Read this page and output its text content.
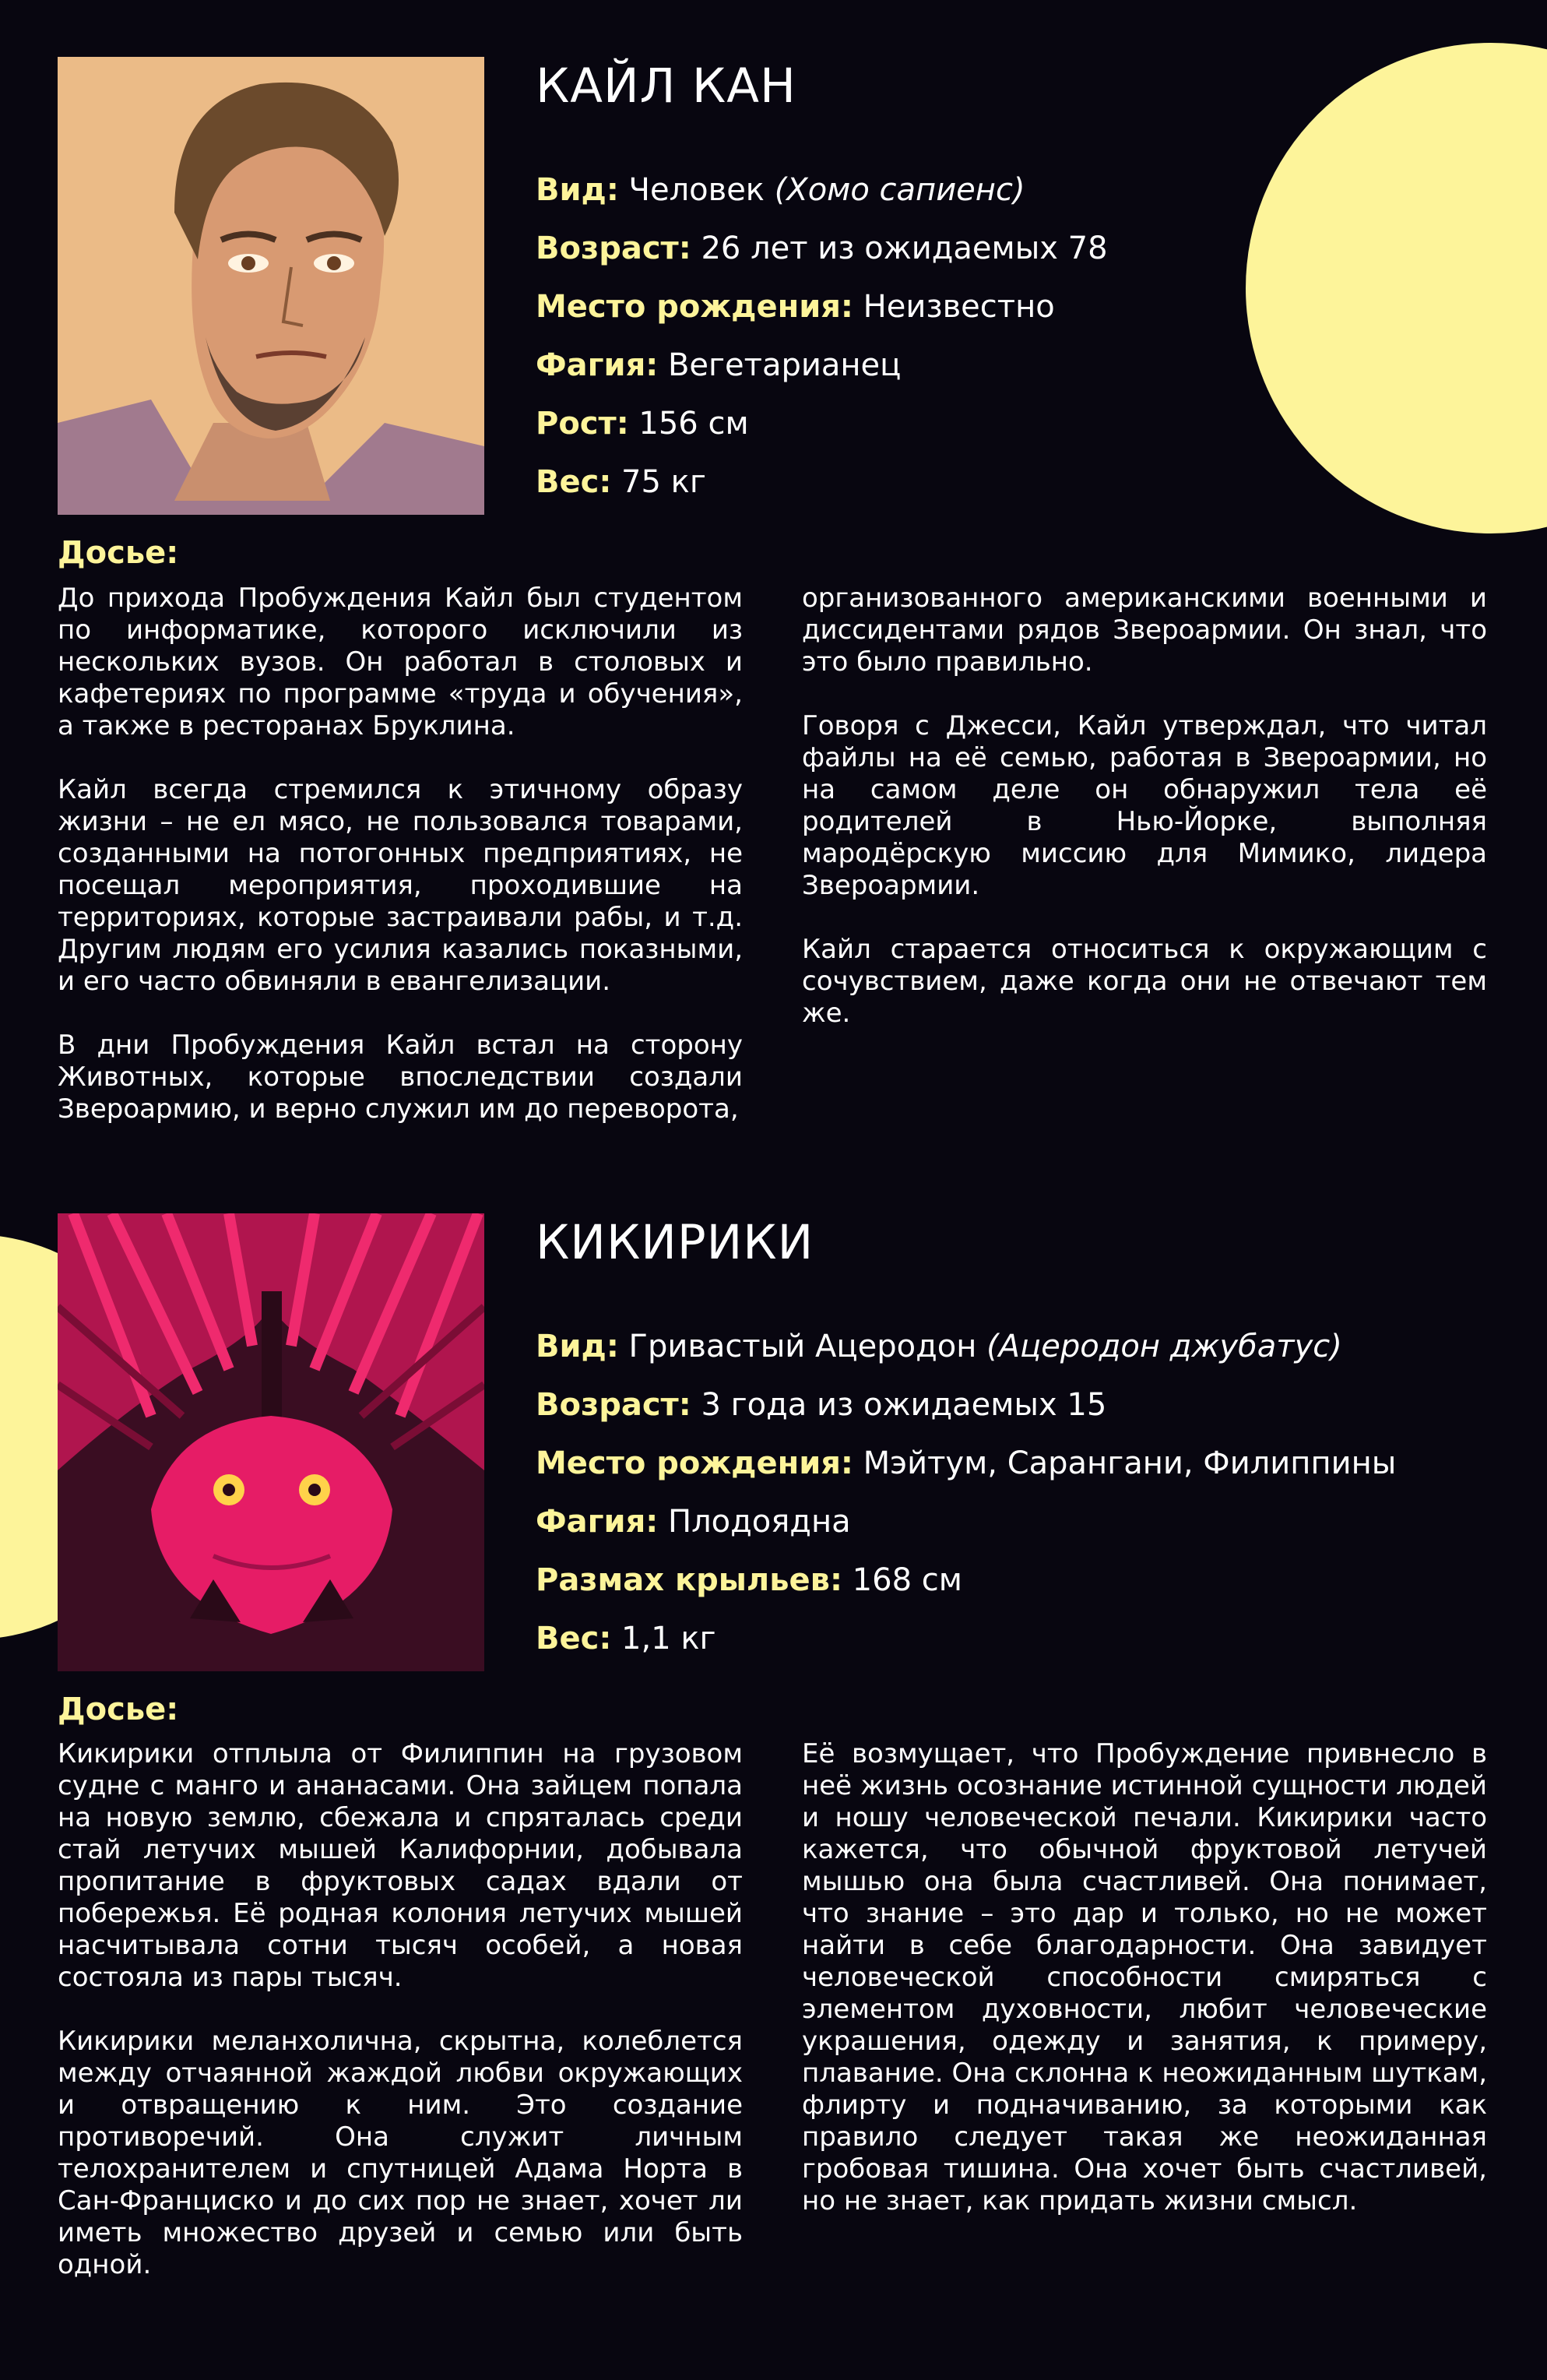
КАЙЛ КАН
Вид: Человек (Хомо сапиенс)
Возраст: 26 лет из ожидаемых 78
Место рождения: Неизвестно
Фагия: Вегетарианец
Рост: 156 см
Вес: 75 кг
Досье:

До прихода Пробуждения Кайл был студентом по информатике, которого исключили из нескольких вузов. Он работал в столовых и кафетериях по программе «труда и обучения», а также в ресторанах Бруклина.

Кайл всегда стремился к этичному образу жизни – не ел мясо, не пользовался товарами, созданными на потогонных предприятиях, не посещал мероприятия, проходившие на территориях, которые застраивали рабы, и т.д. Другим людям его усилия казались показными, и его часто обвиняли в евангелизации.

В дни Пробуждения Кайл встал на сторону Животных, которые впоследствии создали Звероармию, и верно служил им до переворота,

организованного американскими военными и диссидентами рядов Звероармии. Он знал, что это было правильно.

Говоря с Джесси, Кайл утверждал, что читал файлы на её семью, работая в Звероармии, но на самом деле он обнаружил тела её родителей в Нью-Йорке, выполняя мародёрскую миссию для Мимико, лидера Звероармии.

Кайл старается относиться к окружающим с сочувствием, даже когда они не отвечают тем же.

КИКИРИКИ
Вид: Гривастый Ацеродон (Ацеродон джубатус)
Возраст: 3 года из ожидаемых 15
Место рождения: Мэйтум, Сарангани, Филиппины
Фагия: Плодоядна
Размах крыльев: 168 см
Вес: 1,1 кг
Досье:

Кикирики отплыла от Филиппин на грузовом судне с манго и ананасами. Она зайцем попала на новую землю, сбежала и спряталась среди стай летучих мышей Калифорнии, добывала пропитание в фруктовых садах вдали от побережья. Её родная колония летучих мышей насчитывала сотни тысяч особей, а новая состояла из пары тысяч.

Кикирики меланхолична, скрытна, колеблется между отчаянной жаждой любви окружающих и отвращению к ним. Это создание противоречий. Она служит личным телохранителем и спутницей Адама Норта в Сан-Франциско и до сих пор не знает, хочет ли иметь множество друзей и семью или быть одной.

Её возмущает, что Пробуждение привнесло в неё жизнь осознание истинной сущности людей и ношу человеческой печали. Кикирики часто кажется, что обычной фруктовой летучей мышью она была счастливей. Она понимает, что знание – это дар и только, но не может найти в себе благодарности. Она завидует человеческой способности смиряться с элементом духовности, любит человеческие украшения, одежду и занятия, к примеру, плавание. Она склонна к неожиданным шуткам, флирту и подначиванию, за которыми как правило следует такая же неожиданная гробовая тишина. Она хочет быть счастливей, но не знает, как придать жизни смысл.
